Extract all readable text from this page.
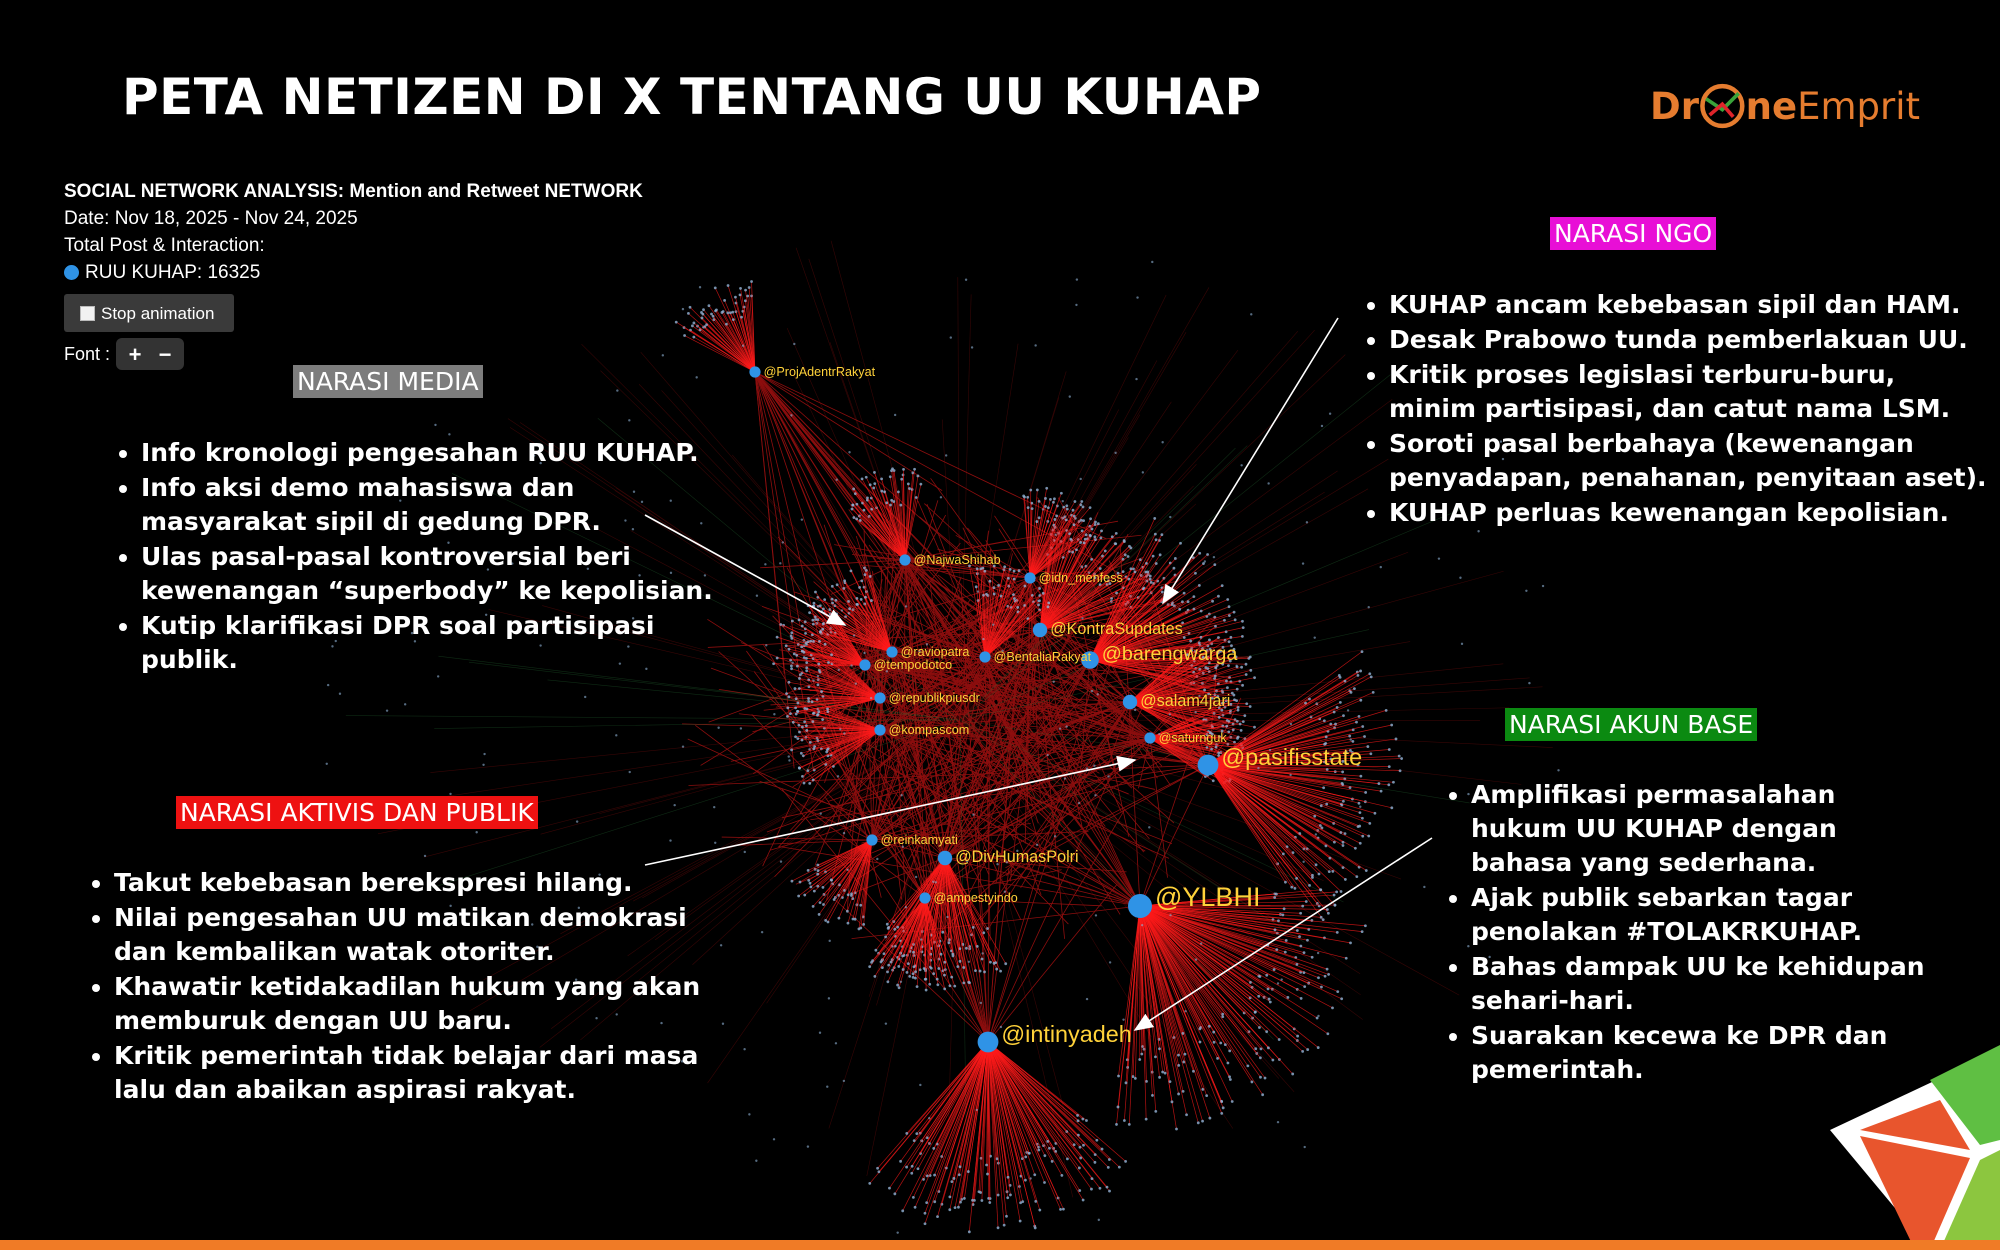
@KontraSupdates
@barengwarga
@salam4jari
@saturnguk
@pasifisstate
@YLBHI
@intinyadeh
@DivHumasPolri
@ampestyindo
@reinkamyati
@BentaliaRakyat
@raviopatra
@tempodotco
@republikpiusdr
@kompascom
@NajwaShihab
@idn_menfess
@ProjAdentrRakyat
PETA NETIZEN DI X TENTANG UU KUHAP	Dr ne Emprit
SOCIAL NETWORK ANALYSIS: Mention and Retweet NETWORK
Date: Nov 18, 2025 - Nov 24, 2025
Total Post & Interaction:
RUU KUHAP: 16325
Stop animation
Font : + −
NARASI MEDIA
• Info kronologi pengesahan RUU KUHAP.
• Info aksi demo mahasiswa dan masyarakat sipil di gedung DPR.
• Ulas pasal-pasal kontroversial beri kewenangan “superbody” ke kepolisian.
• Kutip klarifikasi DPR soal partisipasi publik.
NARASI NGO
• KUHAP ancam kebebasan sipil dan HAM.
• Desak Prabowo tunda pemberlakuan UU.
• Kritik proses legislasi terburu-buru, minim partisipasi, dan catut nama LSM.
• Soroti pasal berbahaya (kewenangan penyadapan, penahanan, penyitaan aset).
• KUHAP perluas kewenangan kepolisian.
NARASI AKTIVIS DAN PUBLIK
• Takut kebebasan berekspresi hilang.
• Nilai pengesahan UU matikan demokrasi dan kembalikan watak otoriter.
• Khawatir ketidakadilan hukum yang akan memburuk dengan UU baru.
• Kritik pemerintah tidak belajar dari masa lalu dan abaikan aspirasi rakyat.
NARASI AKUN BASE
• Amplifikasi permasalahan hukum UU KUHAP dengan bahasa yang sederhana.
• Ajak publik sebarkan tagar penolakan #TOLAKRKUHAP.
• Bahas dampak UU ke kehidupan sehari-hari.
• Suarakan kecewa ke DPR dan pemerintah.
